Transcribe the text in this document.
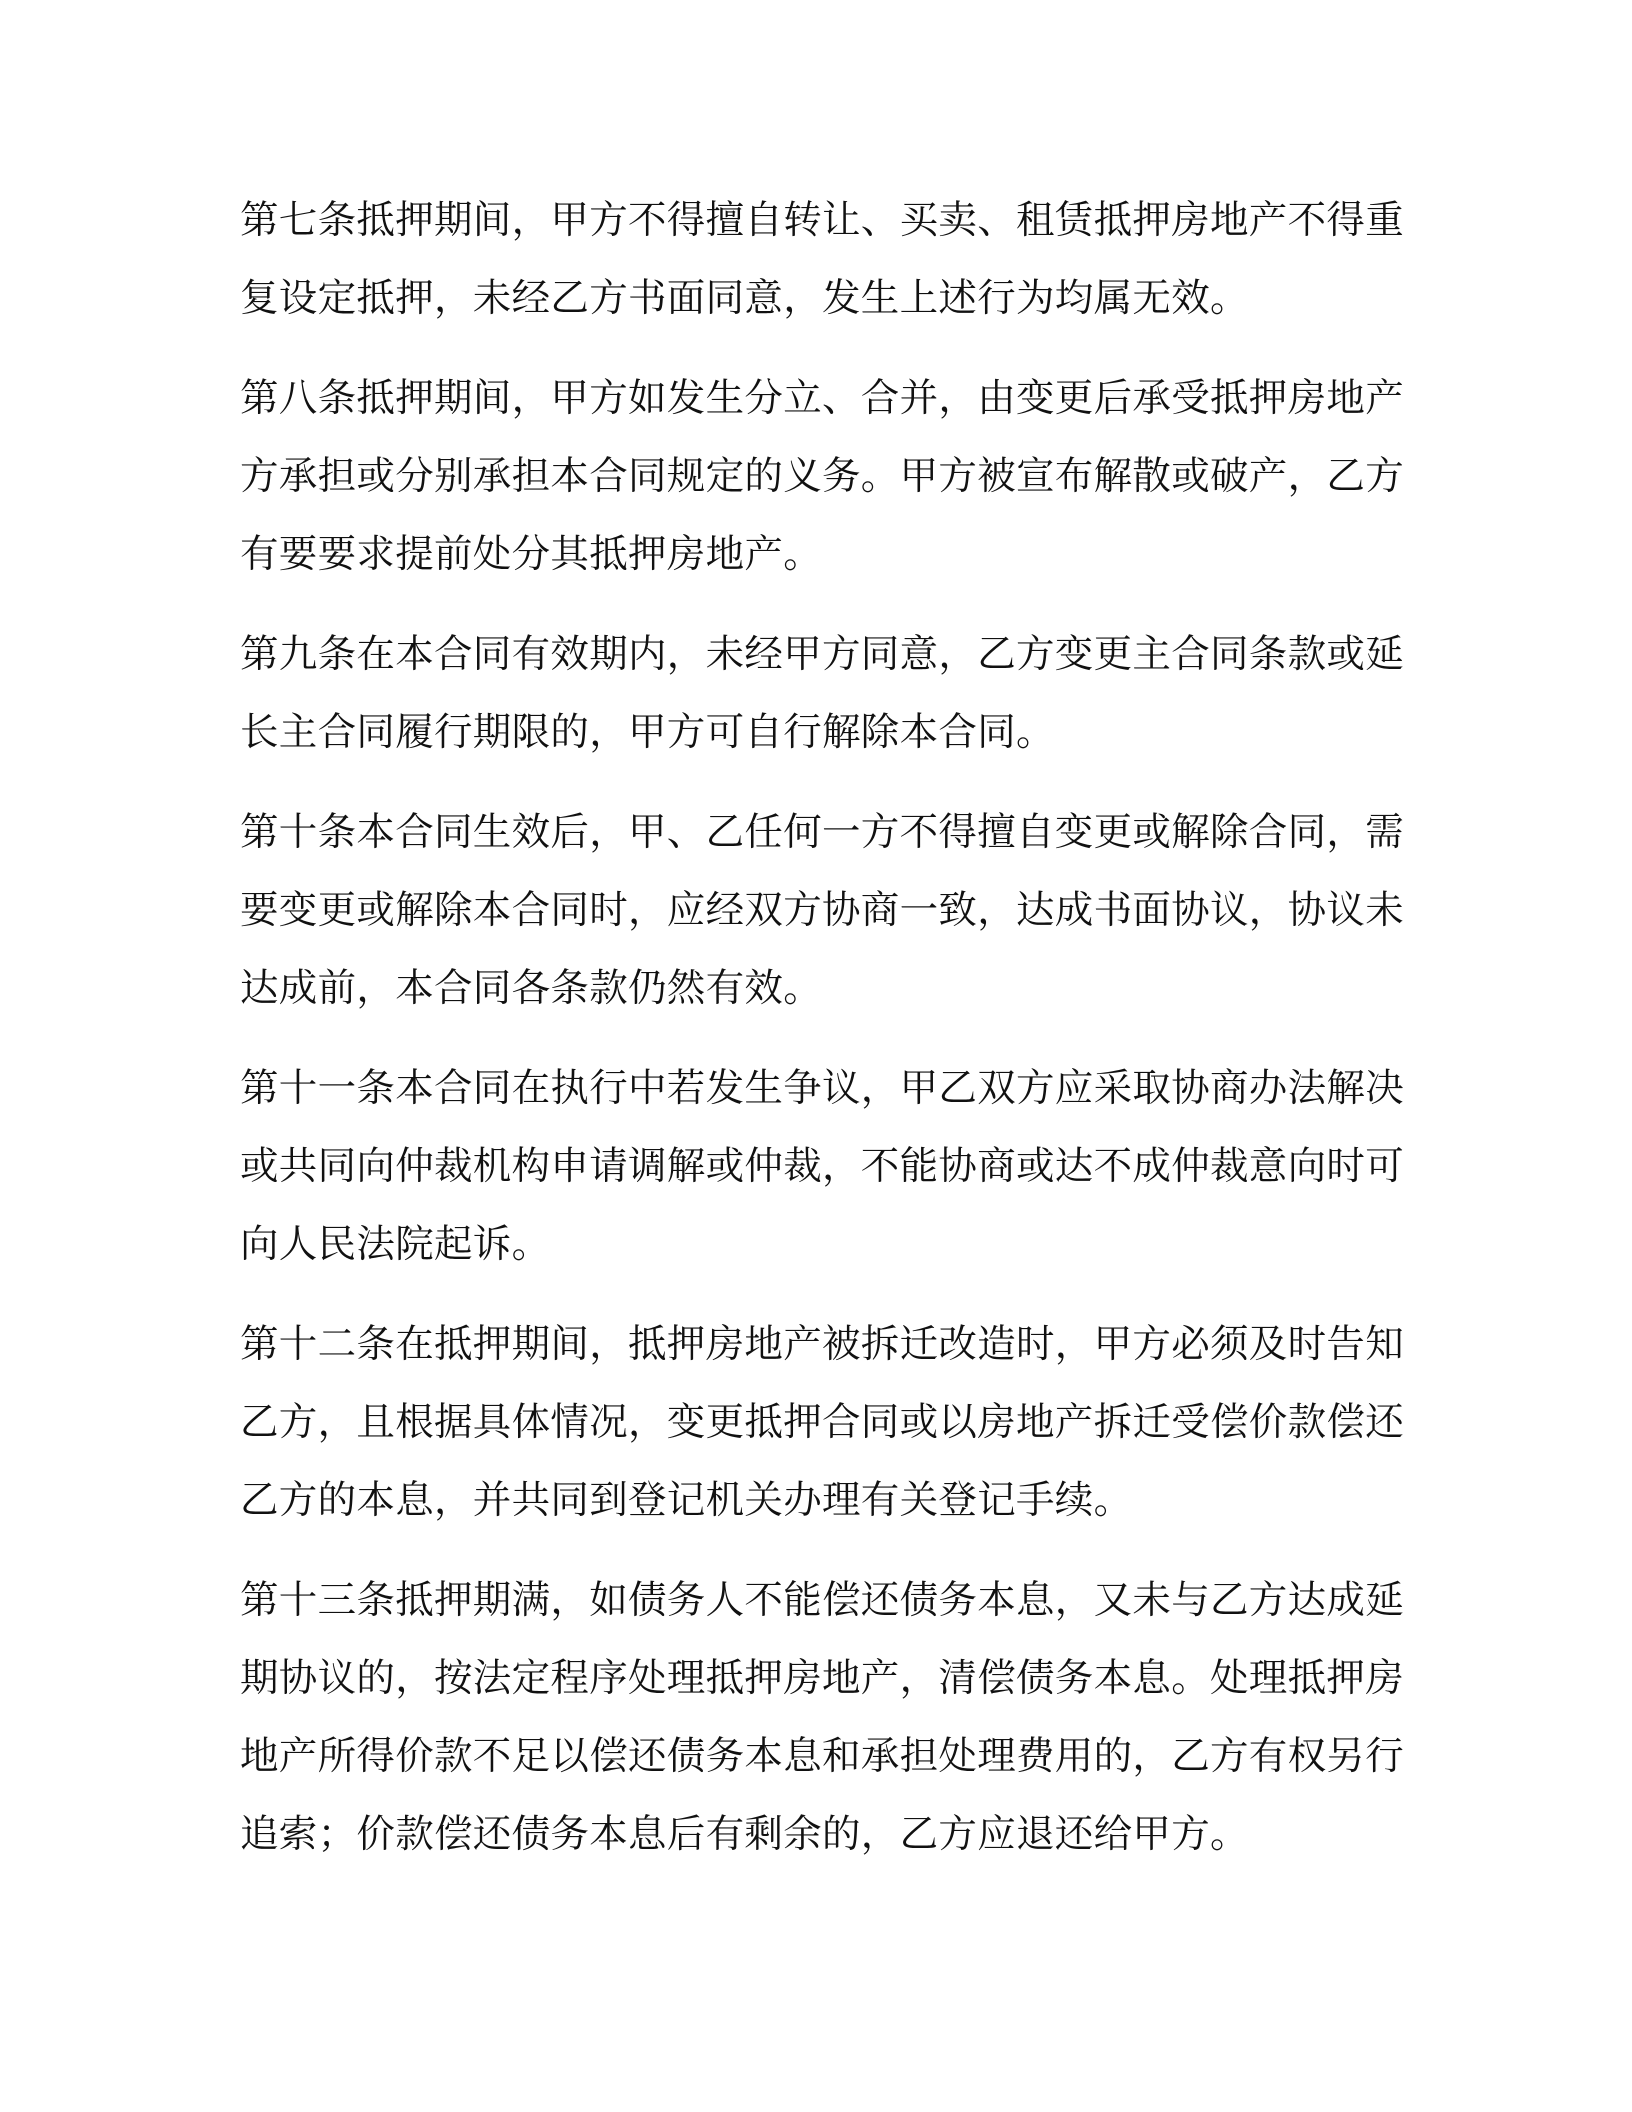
第七条抵押期间，甲方不得擅自转让、买卖、租赁抵押房地产不得重
复设定抵押，未经乙方书面同意，发生上述行为均属无效。

第八条抵押期间，甲方如发生分立、合并，由变更后承受抵押房地产
方承担或分别承担本合同规定的义务。甲方被宣布解散或破产，乙方
有要要求提前处分其抵押房地产。

第九条在本合同有效期内，未经甲方同意，乙方变更主合同条款或延
长主合同履行期限的，甲方可自行解除本合同。

第十条本合同生效后，甲、乙任何一方不得擅自变更或解除合同，需
要变更或解除本合同时，应经双方协商一致，达成书面协议，协议未
达成前，本合同各条款仍然有效。

第十一条本合同在执行中若发生争议，甲乙双方应采取协商办法解决
或共同向仲裁机构申请调解或仲裁，不能协商或达不成仲裁意向时可
向人民法院起诉。

第十二条在抵押期间，抵押房地产被拆迁改造时，甲方必须及时告知
乙方，且根据具体情况，变更抵押合同或以房地产拆迁受偿价款偿还
乙方的本息，并共同到登记机关办理有关登记手续。

第十三条抵押期满，如债务人不能偿还债务本息，又未与乙方达成延
期协议的，按法定程序处理抵押房地产，清偿债务本息。处理抵押房
地产所得价款不足以偿还债务本息和承担处理费用的，乙方有权另行
追索；价款偿还债务本息后有剩余的，乙方应退还给甲方。
